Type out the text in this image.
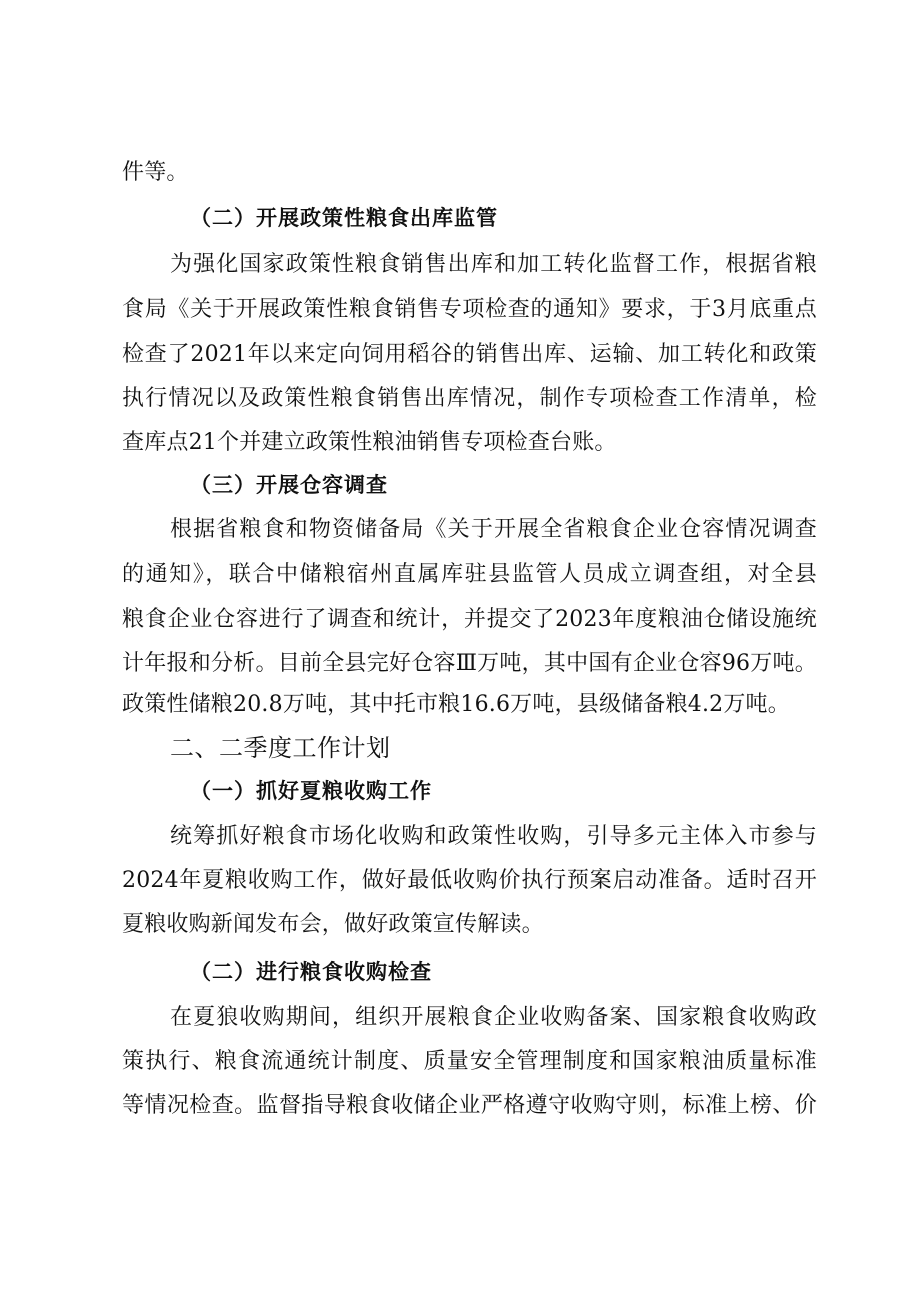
件等。
（二）开展政策性粮食出库监管
为强化国家政策性粮食销售出库和加工转化监督工作，根据省粮
食局《关于开展政策性粮食销售专项检查的通知》要求，于3月底重点
检查了2021年以来定向饲用稻谷的销售出库、运输、加工转化和政策
执行情况以及政策性粮食销售出库情况，制作专项检查工作清单，检
查库点21个并建立政策性粮油销售专项检查台账。
（三）开展仓容调查
根据省粮食和物资储备局《关于开展全省粮食企业仓容情况调查
的通知》，联合中储粮宿州直属库驻县监管人员成立调查组，对全县
粮食企业仓容进行了调查和统计，并提交了2023年度粮油仓储设施统
计年报和分析。目前全县完好仓容Ⅲ万吨，其中国有企业仓容96万吨。
政策性储粮20.8万吨，其中托市粮16.6万吨，县级储备粮4.2万吨。
二、二季度工作计划
（一）抓好夏粮收购工作
统筹抓好粮食市场化收购和政策性收购，引导多元主体入市参与
2024年夏粮收购工作，做好最低收购价执行预案启动准备。适时召开
夏粮收购新闻发布会，做好政策宣传解读。
（二）进行粮食收购检查
在夏狼收购期间，组织开展粮食企业收购备案、国家粮食收购政
策执行、粮食流通统计制度、质量安全管理制度和国家粮油质量标准
等情况检查。监督指导粮食收储企业严格遵守收购守则，标准上榜、价
